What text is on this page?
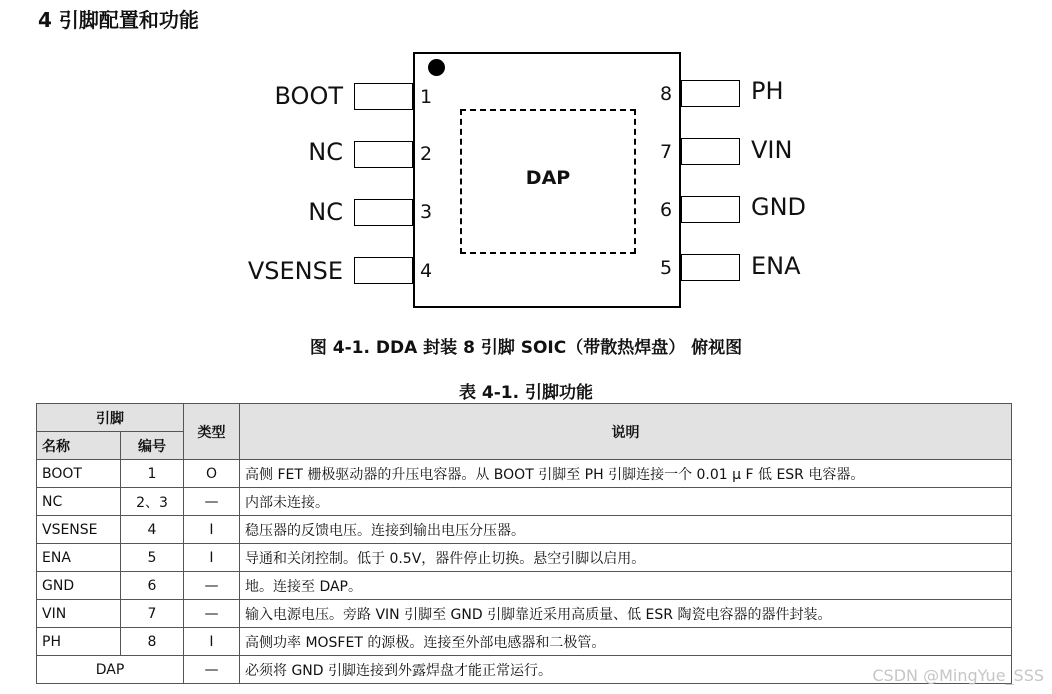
4 引脚配置和功能
DAP
1
BOOT
2
NC
3
NC
4
VSENSE
8	PH
7	VIN
6	GND
5	ENA
图 4-1. DDA 封装 8 引脚 SOIC（带散热焊盘） 俯视图
表 4-1. 引脚功能
引脚		类型	说明
名称	编号		
BOOT	1	O	高侧 FET 栅极驱动器的升压电容器。从 BOOT 引脚至 PH 引脚连接一个 0.01 μ F 低 ESR 电容器。
NC	2、3	—	内部未连接。
VSENSE	4	I	稳压器的反馈电压。连接到输出电压分压器。
ENA	5	I	导通和关闭控制。低于 0.5V，器件停止切换。悬空引脚以启用。
GND	6	—	地。连接至 DAP。
VIN	7	—	输入电源电压。旁路 VIN 引脚至 GND 引脚靠近采用高质量、低 ESR 陶瓷电容器的器件封装。
PH	8	I	高侧功率 MOSFET 的源极。连接至外部电感器和二极管。
DAP		—	必须将 GND 引脚连接到外露焊盘才能正常运行。	CSDN @MingYue_SSS
